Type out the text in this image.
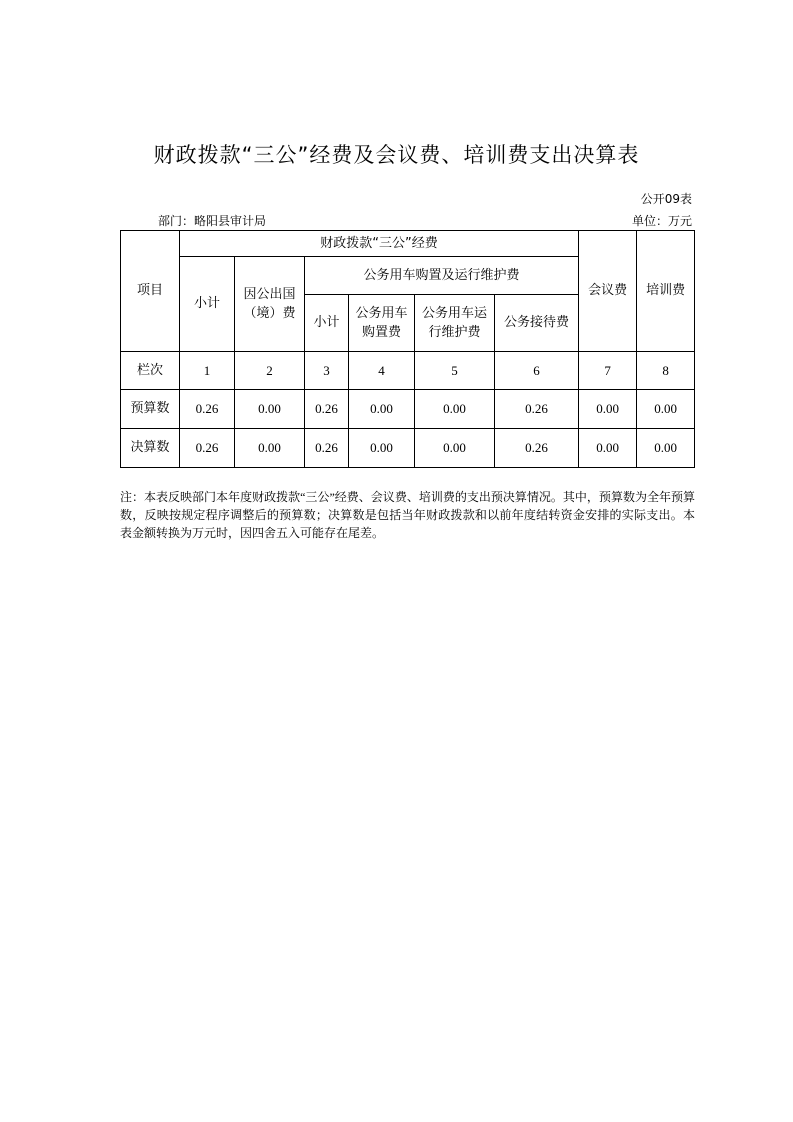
财政拨款“三公”经费及会议费、培训费支出决算表
公开09表
部门：略阳县审计局	单位：万元
项目	财政拨款“三公”经费						会议费	培训费
	小计	因公出国（境）费	公务用车购置及运行维护费					
			小计	公务用车购置费	公务用车运行维护费	公务接待费		
栏次	1	2	3	4	5	6	7	8
预算数	0.26	0.00	0.26	0.00	0.00	0.26	0.00	0.00
决算数	0.26	0.00	0.26	0.00	0.00	0.26	0.00	0.00
注：本表反映部门本年度财政拨款“三公”经费、会议费、培训费的支出预决算情况。其中，预算数为全年预算数，反映按规定程序调整后的预算数；决算数是包括当年财政拨款和以前年度结转资金安排的实际支出。本表金额转换为万元时，因四舍五入可能存在尾差。
